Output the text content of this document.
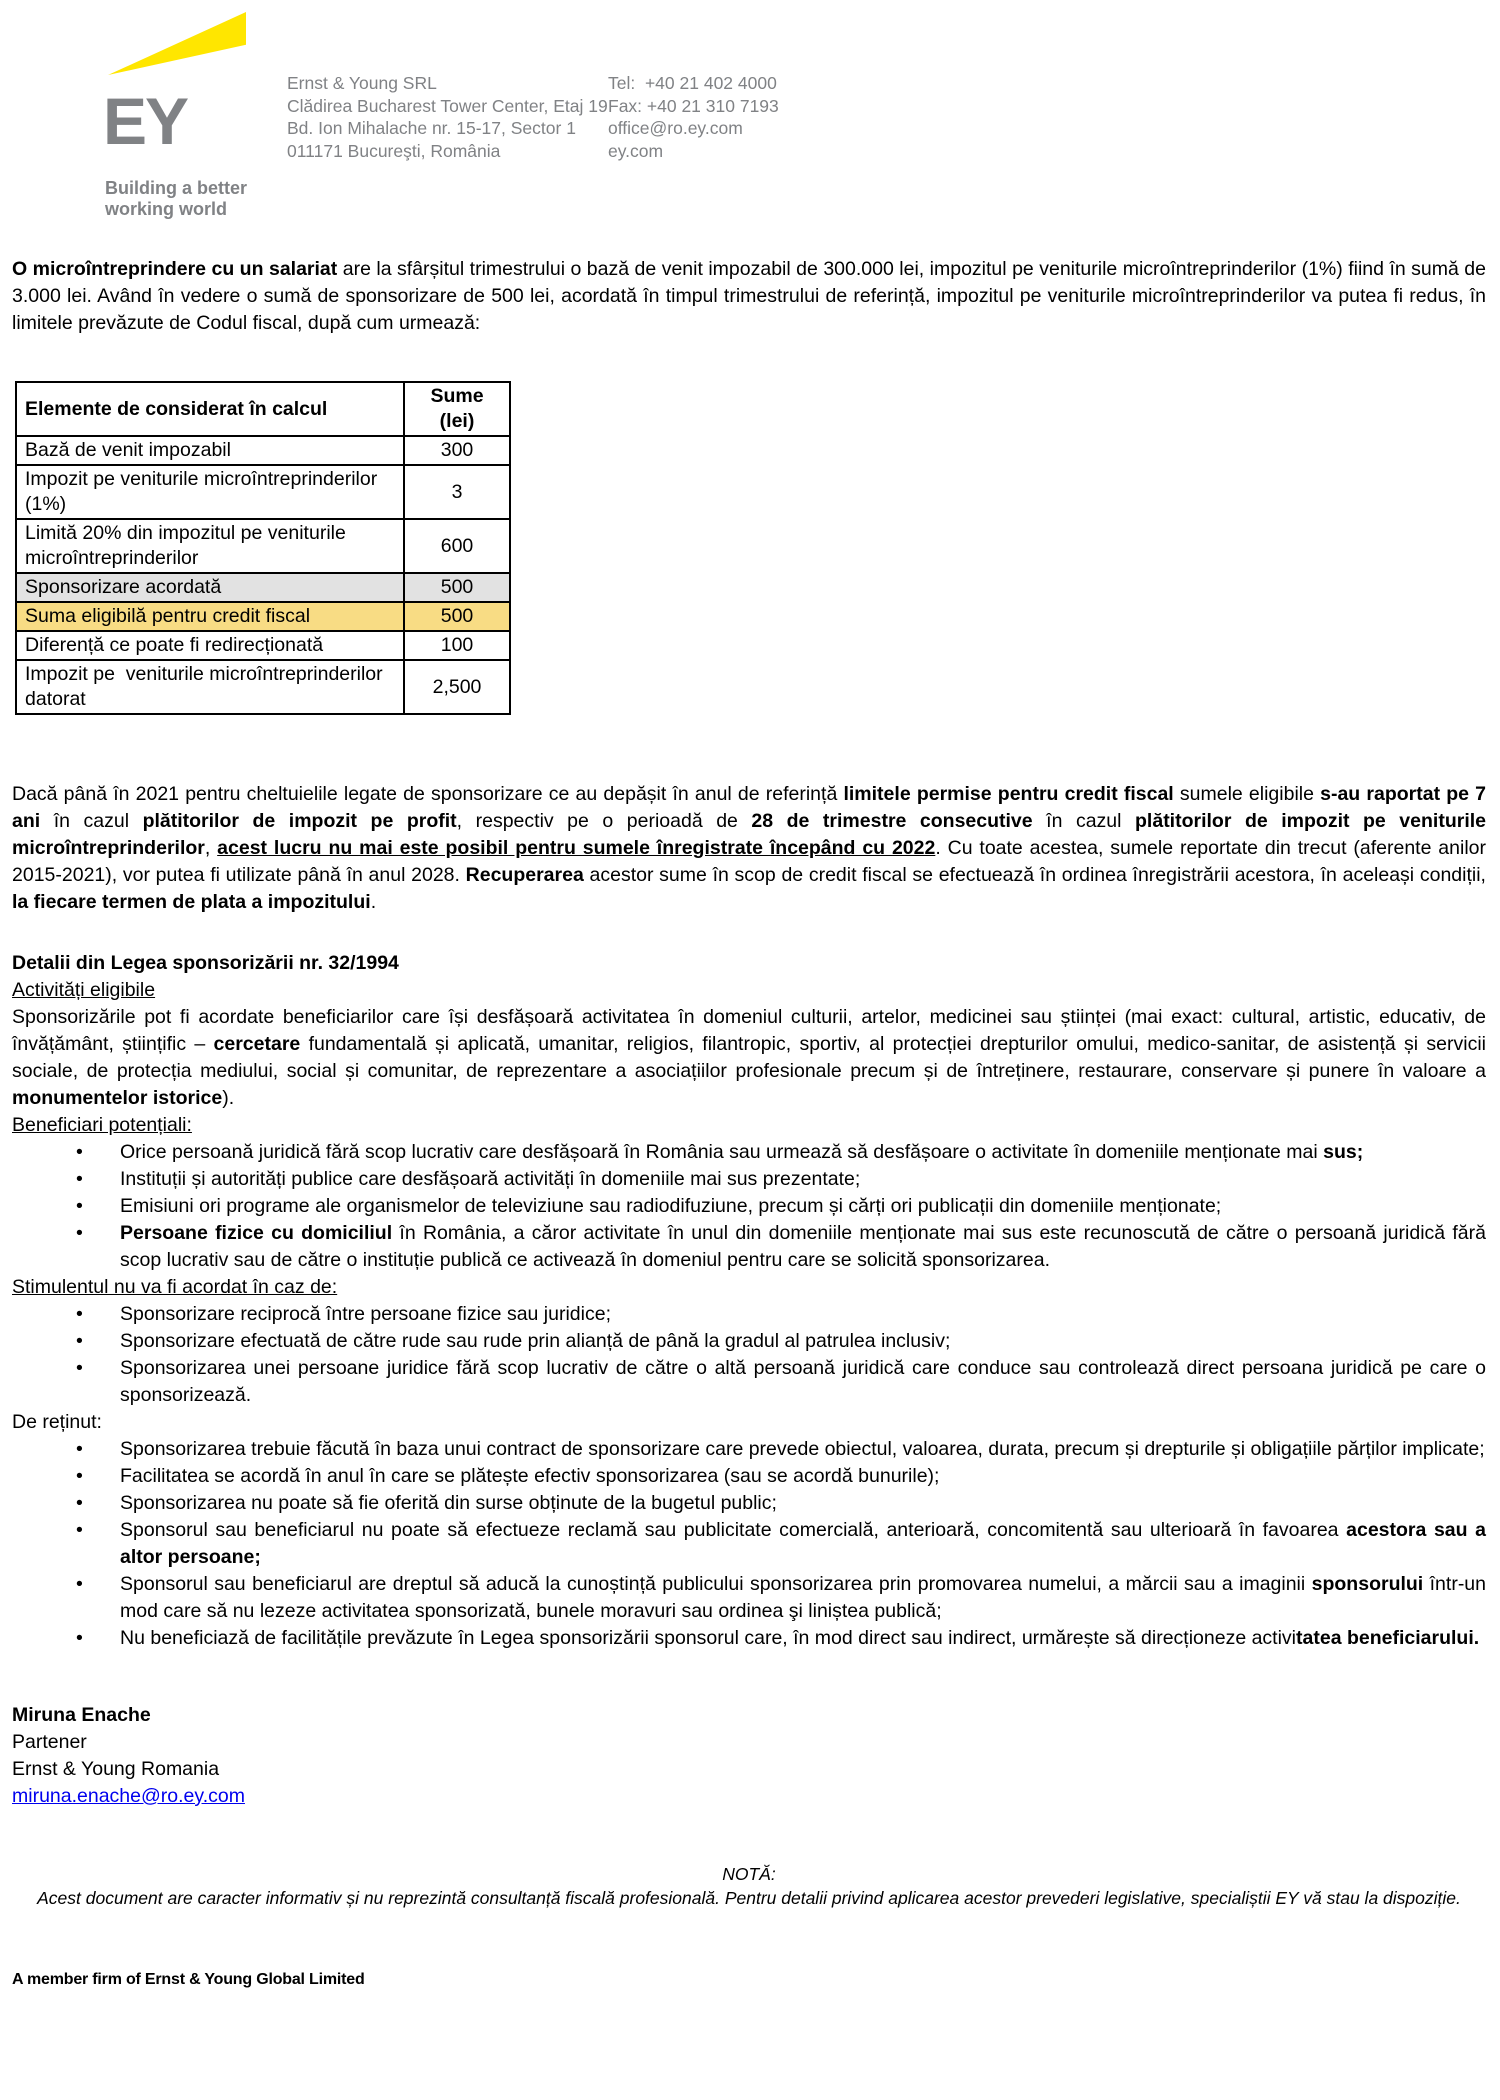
EY
Building a better
working world
Ernst & Young SRL
Clădirea Bucharest Tower Center, Etaj 19
Bd. Ion Mihalache nr. 15-17, Sector 1
011171 Bucureşti, România
Tel:  +40 21 402 4000
Fax: +40 21 310 7193
office@ro.ey.com
ey.com

O microîntreprindere cu un salariat are la sfârșitul trimestrului o bază de venit impozabil de 300.000 lei, impozitul pe veniturile microîntreprinderilor (1%) fiind în sumă de 3.000 lei. Având în vedere o sumă de sponsorizare de 500 lei, acordată în timpul trimestrului de referință, impozitul pe veniturile microîntreprinderilor va putea fi redus, în limitele prevăzute de Codul fiscal, după cum urmează:

Elemente de considerat în calcul	Sume (lei)
Bază de venit impozabil	300
Impozit pe veniturile microîntreprinderilor (1%)	3
Limită 20% din impozitul pe veniturile microîntreprinderilor	600
Sponsorizare acordată	500
Suma eligibilă pentru credit fiscal	500
Diferență ce poate fi redirecționată	100
Impozit pe  veniturile microîntreprinderilor datorat	2,500

Dacă până în 2021 pentru cheltuielile legate de sponsorizare ce au depășit în anul de referință limitele permise pentru credit fiscal sumele eligibile s-au raportat pe 7 ani în cazul plătitorilor de impozit pe profit, respectiv pe o perioadă de 28 de trimestre consecutive în cazul plătitorilor de impozit pe veniturile microîntreprinderilor, acest lucru nu mai este posibil pentru sumele înregistrate începând cu 2022. Cu toate acestea, sumele reportate din trecut (aferente anilor 2015-2021), vor putea fi utilizate până în anul 2028. Recuperarea acestor sume în scop de credit fiscal se efectuează în ordinea înregistrării acestora, în aceleași condiții, la fiecare termen de plata a impozitului.

Detalii din Legea sponsorizării nr. 32/1994
Activități eligibile

Sponsorizările pot fi acordate beneficiarilor care își desfășoară activitatea în domeniul culturii, artelor, medicinei sau științei (mai exact: cultural, artistic, educativ, de învățământ, științific – cercetare fundamentală și aplicată, umanitar, religios, filantropic, sportiv, al protecției drepturilor omului, medico-sanitar, de asistență și servicii sociale, de protecția mediului, social și comunitar, de reprezentare a asociațiilor profesionale precum și de întreținere, restaurare, conservare și punere în valoare a monumentelor istorice).

Beneficiari potențiali:
•	Orice persoană juridică fără scop lucrativ care desfășoară în România sau urmează să desfășoare o activitate în domeniile menționate mai sus;
•	Instituții și autorități publice care desfășoară activități în domeniile mai sus prezentate;
•	Emisiuni ori programe ale organismelor de televiziune sau radiodifuziune, precum și cărți ori publicații din domeniile menționate;
•	Persoane fizice cu domiciliul în România, a căror activitate în unul din domeniile menționate mai sus este recunoscută de către o persoană juridică fără scop lucrativ sau de către o instituție publică ce activează în domeniul pentru care se solicită sponsorizarea.
Stimulentul nu va fi acordat în caz de:
•	Sponsorizare reciprocă între persoane fizice sau juridice;
•	Sponsorizare efectuată de către rude sau rude prin alianță de până la gradul al patrulea inclusiv;
•	Sponsorizarea unei persoane juridice fără scop lucrativ de către o altă persoană juridică care conduce sau controlează direct persoana juridică pe care o sponsorizează.
De reținut:
•	Sponsorizarea trebuie făcută în baza unui contract de sponsorizare care prevede obiectul, valoarea, durata, precum și drepturile și obligațiile părților implicate;
•	Facilitatea se acordă în anul în care se plătește efectiv sponsorizarea (sau se acordă bunurile);
•	Sponsorizarea nu poate să fie oferită din surse obținute de la bugetul public;
•	Sponsorul sau beneficiarul nu poate să efectueze reclamă sau publicitate comercială, anterioară, concomitentă sau ulterioară în favoarea acestora sau a altor persoane;
•	Sponsorul sau beneficiarul are dreptul să aducă la cunoștință publicului sponsorizarea prin promovarea numelui, a mărcii sau a imaginii sponsorului într-un mod care să nu lezeze activitatea sponsorizată, bunele moravuri sau ordinea şi liniștea publică;
•	Nu beneficiază de facilitățile prevăzute în Legea sponsorizării sponsorul care, în mod direct sau indirect, urmărește să direcționeze activitatea beneficiarului.
Miruna Enache
Partener
Ernst & Young Romania
miruna.enache@ro.ey.com
NOTĂ:
Acest document are caracter informativ și nu reprezintă consultanță fiscală profesională. Pentru detalii privind aplicarea acestor prevederi legislative, specialiștii EY vă stau la dispoziție.
A member firm of Ernst & Young Global Limited
